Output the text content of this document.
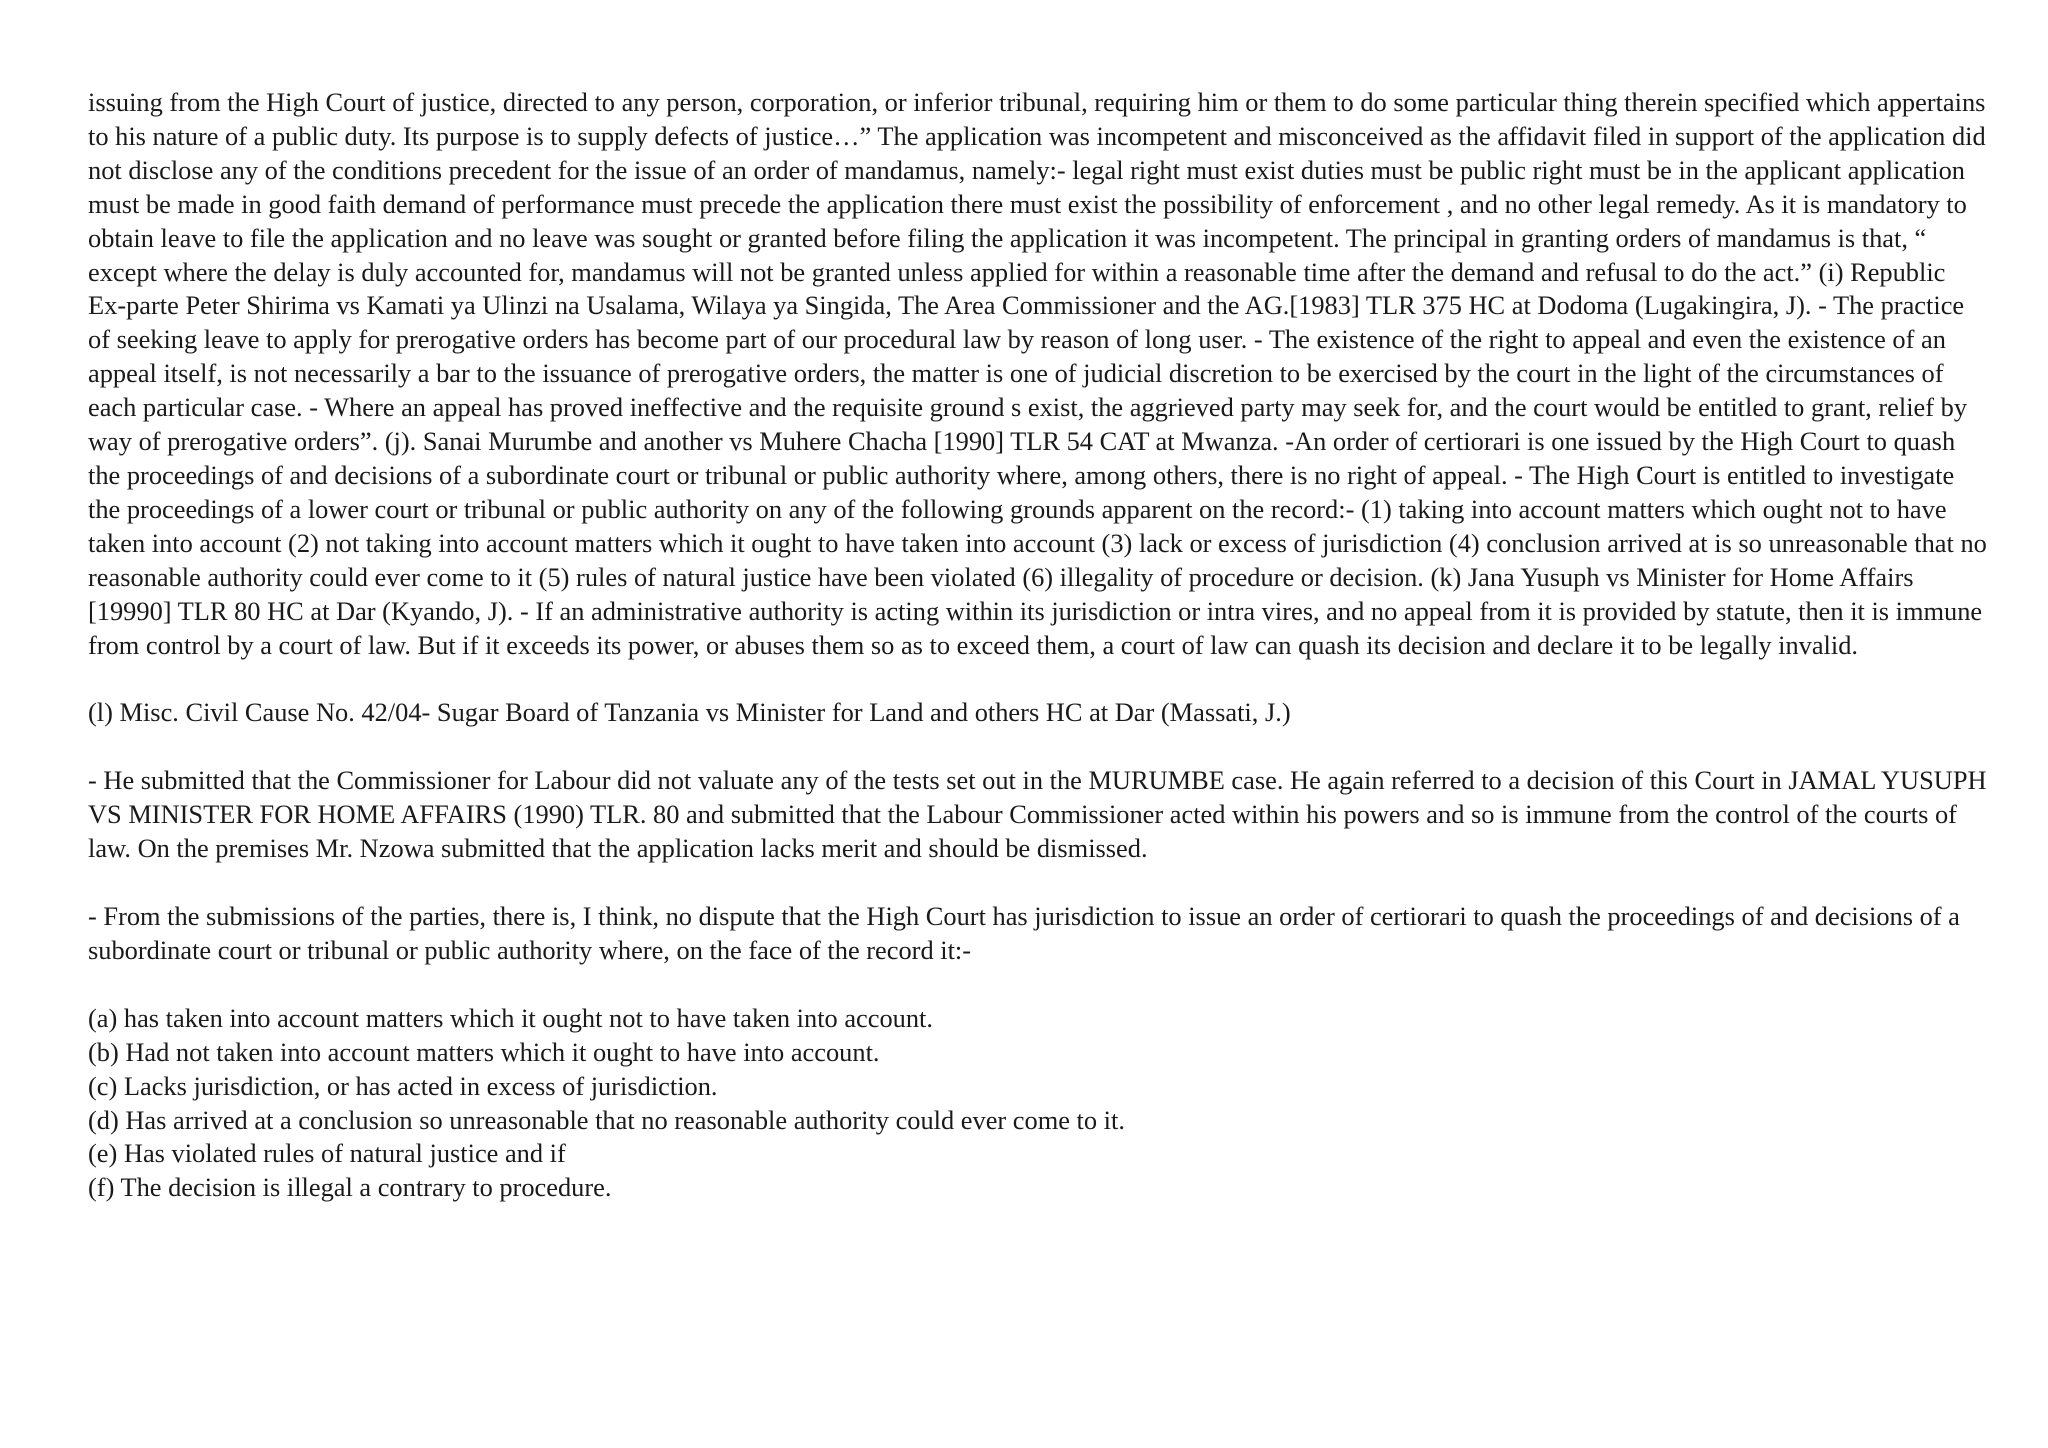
issuing from the High Court of justice, directed to any person, corporation, or inferior tribunal, requiring him or them to do some particular thing therein specified which appertains to his nature of a public duty. Its purpose is to supply defects of justice…” The application was incompetent and misconceived as the affidavit filed in support of the application did not disclose any of the conditions precedent for the issue of an order of mandamus, namely:- legal right must exist duties must be public right must be in the applicant application must be made in good faith demand of performance must precede the application there must exist the possibility of enforcement , and no other legal remedy. As it is mandatory to obtain leave to file the application and no leave was sought or granted before filing the application it was incompetent. The principal in granting orders of mandamus is that, “ except where the delay is duly accounted for, mandamus will not be granted unless applied for within a reasonable time after the demand and refusal to do the act.” (i) Republic Ex-parte Peter Shirima vs Kamati ya Ulinzi na Usalama, Wilaya ya Singida, The Area Commissioner and the AG.[1983] TLR 375 HC at Dodoma (Lugakingira, J). - The practice of seeking leave to apply for prerogative orders has become part of our procedural law by reason of long user. - The existence of the right to appeal and even the existence of an appeal itself, is not necessarily a bar to the issuance of prerogative orders, the matter is one of judicial discretion to be exercised by the court in the light of the circumstances of each particular case. - Where an appeal has proved ineffective and the requisite ground s exist, the aggrieved party may seek for, and the court would be entitled to grant, relief by way of prerogative orders”. (j). Sanai Murumbe and another vs Muhere Chacha [1990] TLR 54 CAT at Mwanza. -An order of certiorari is one issued by the High Court to quash the proceedings of and decisions of a subordinate court or tribunal or public authority where, among others, there is no right of appeal. - The High Court is entitled to investigate the proceedings of a lower court or tribunal or public authority on any of the following grounds apparent on the record:- (1) taking into account matters which ought not to have taken into account (2) not taking into account matters which it ought to have taken into account (3) lack or excess of jurisdiction (4) conclusion arrived at is so unreasonable that no reasonable authority could ever come to it (5) rules of natural justice have been violated (6) illegality of procedure or decision. (k) Jana Yusuph vs Minister for Home Affairs [19990] TLR 80 HC at Dar (Kyando, J). - If an administrative authority is acting within its jurisdiction or intra vires, and no appeal from it is provided by statute, then it is immune from control by a court of law. But if it exceeds its power, or abuses them so as to exceed them, a court of law can quash its decision and declare it to be legally invalid.

(l) Misc. Civil Cause No. 42/04- Sugar Board of Tanzania vs Minister for Land and others HC at Dar (Massati, J.)

- He submitted that the Commissioner for Labour did not valuate any of the tests set out in the MURUMBE case. He again referred to a decision of this Court in JAMAL YUSUPH VS MINISTER FOR HOME AFFAIRS (1990) TLR. 80 and submitted that the Labour Commissioner acted within his powers and so is immune from the control of the courts of law. On the premises Mr. Nzowa submitted that the application lacks merit and should be dismissed.

- From the submissions of the parties, there is, I think, no dispute that the High Court has jurisdiction to issue an order of certiorari to quash the proceedings of and decisions of a subordinate court or tribunal or public authority where, on the face of the record it:-

(a) has taken into account matters which it ought not to have taken into account.

(b) Had not taken into account matters which it ought to have into account.

(c) Lacks jurisdiction, or has acted in excess of jurisdiction.

(d) Has arrived at a conclusion so unreasonable that no reasonable authority could ever come to it.

(e) Has violated rules of natural justice and if

(f) The decision is illegal a contrary to procedure.
